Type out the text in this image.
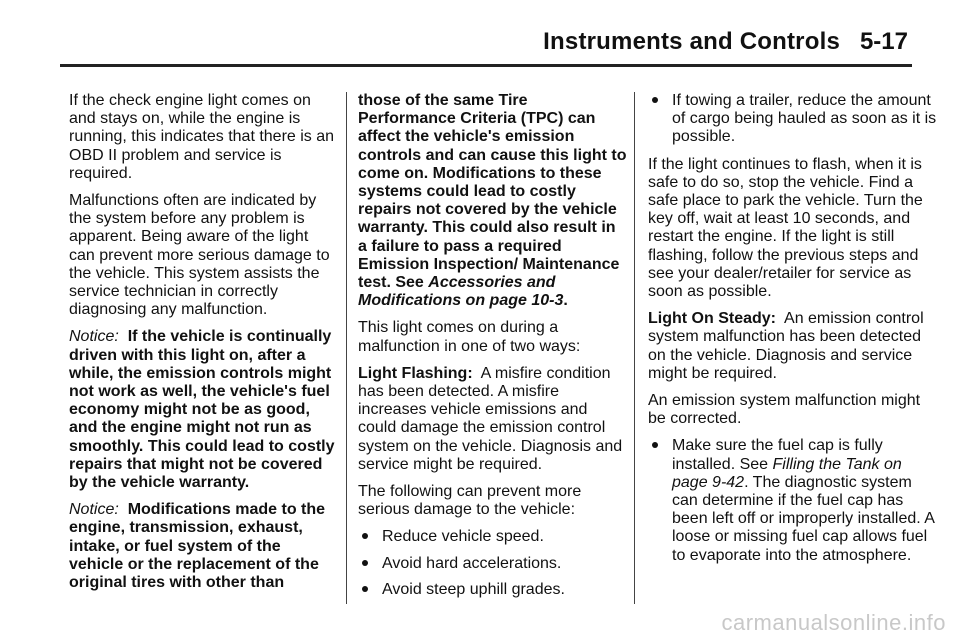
Instruments and Controls 5-17

If the check engine light comes on and stays on, while the engine is running, this indicates that there is an OBD II problem and service is required.

Malfunctions often are indicated by the system before any problem is apparent. Being aware of the light can prevent more serious damage to the vehicle. This system assists the service technician in correctly diagnosing any malfunction.

Notice: If the vehicle is continually driven with this light on, after a while, the emission controls might not work as well, the vehicle's fuel economy might not be as good, and the engine might not run as smoothly. This could lead to costly repairs that might not be covered by the vehicle warranty.

Notice: Modifications made to the engine, transmission, exhaust, intake, or fuel system of the vehicle or the replacement of the original tires with other than

those of the same Tire Performance Criteria (TPC) can affect the vehicle's emission controls and can cause this light to come on. Modifications to these systems could lead to costly repairs not covered by the vehicle warranty. This could also result in a failure to pass a required Emission Inspection/ Maintenance test. See Accessories and Modifications on page 10-3.

This light comes on during a malfunction in one of two ways:

Light Flashing: A misfire condition has been detected. A misfire increases vehicle emissions and could damage the emission control system on the vehicle. Diagnosis and service might be required.

The following can prevent more serious damage to the vehicle:

Reduce vehicle speed.
Avoid hard accelerations.
Avoid steep uphill grades.
If towing a trailer, reduce the amount of cargo being hauled as soon as it is possible.

If the light continues to flash, when it is safe to do so, stop the vehicle. Find a safe place to park the vehicle. Turn the key off, wait at least 10 seconds, and restart the engine. If the light is still flashing, follow the previous steps and see your dealer/retailer for service as soon as possible.

Light On Steady: An emission control system malfunction has been detected on the vehicle. Diagnosis and service might be required.

An emission system malfunction might be corrected.

Make sure the fuel cap is fully installed. See Filling the Tank on page 9-42. The diagnostic system can determine if the fuel cap has been left off or improperly installed. A loose or missing fuel cap allows fuel to evaporate into the atmosphere.
carmanualsonline.info
